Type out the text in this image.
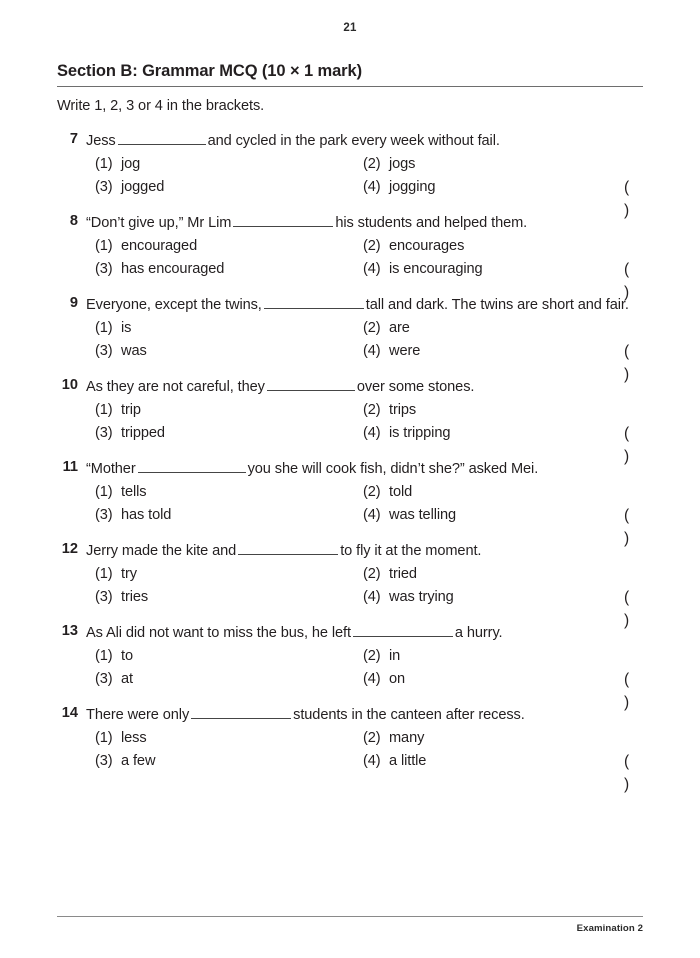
21
Section B: Grammar MCQ (10 × 1 mark)
Write 1, 2, 3 or 4 in the brackets.
7 Jess	and cycled in the park every week without fail.
(1) jog	(2) jogs
(3) jogged	(4) jogging	()
8 “Don’t give up,” Mr Lim	his students and helped them.
(1) encouraged	(2) encourages
(3) has encouraged	(4) is encouraging	()
9 Everyone, except the twins,	tall and dark. The twins are short and fair.
(1) is	(2) are
(3) was	(4) were	()
10 As they are not careful, they	over some stones.
(1) trip	(2) trips
(3) tripped	(4) is tripping	()
11 “Mother	you she will cook fish, didn’t she?” asked Mei.
(1) tells	(2) told
(3) has told	(4) was telling	()
12 Jerry made the kite and	to fly it at the moment.
(1) try	(2) tried
(3) tries	(4) was trying	()
13 As Ali did not want to miss the bus, he left	a hurry.
(1) to	(2) in
(3) at	(4) on	()
14 There were only	students in the canteen after recess.
(1) less	(2) many
(3) a few	(4) a little	()
Examination 2
